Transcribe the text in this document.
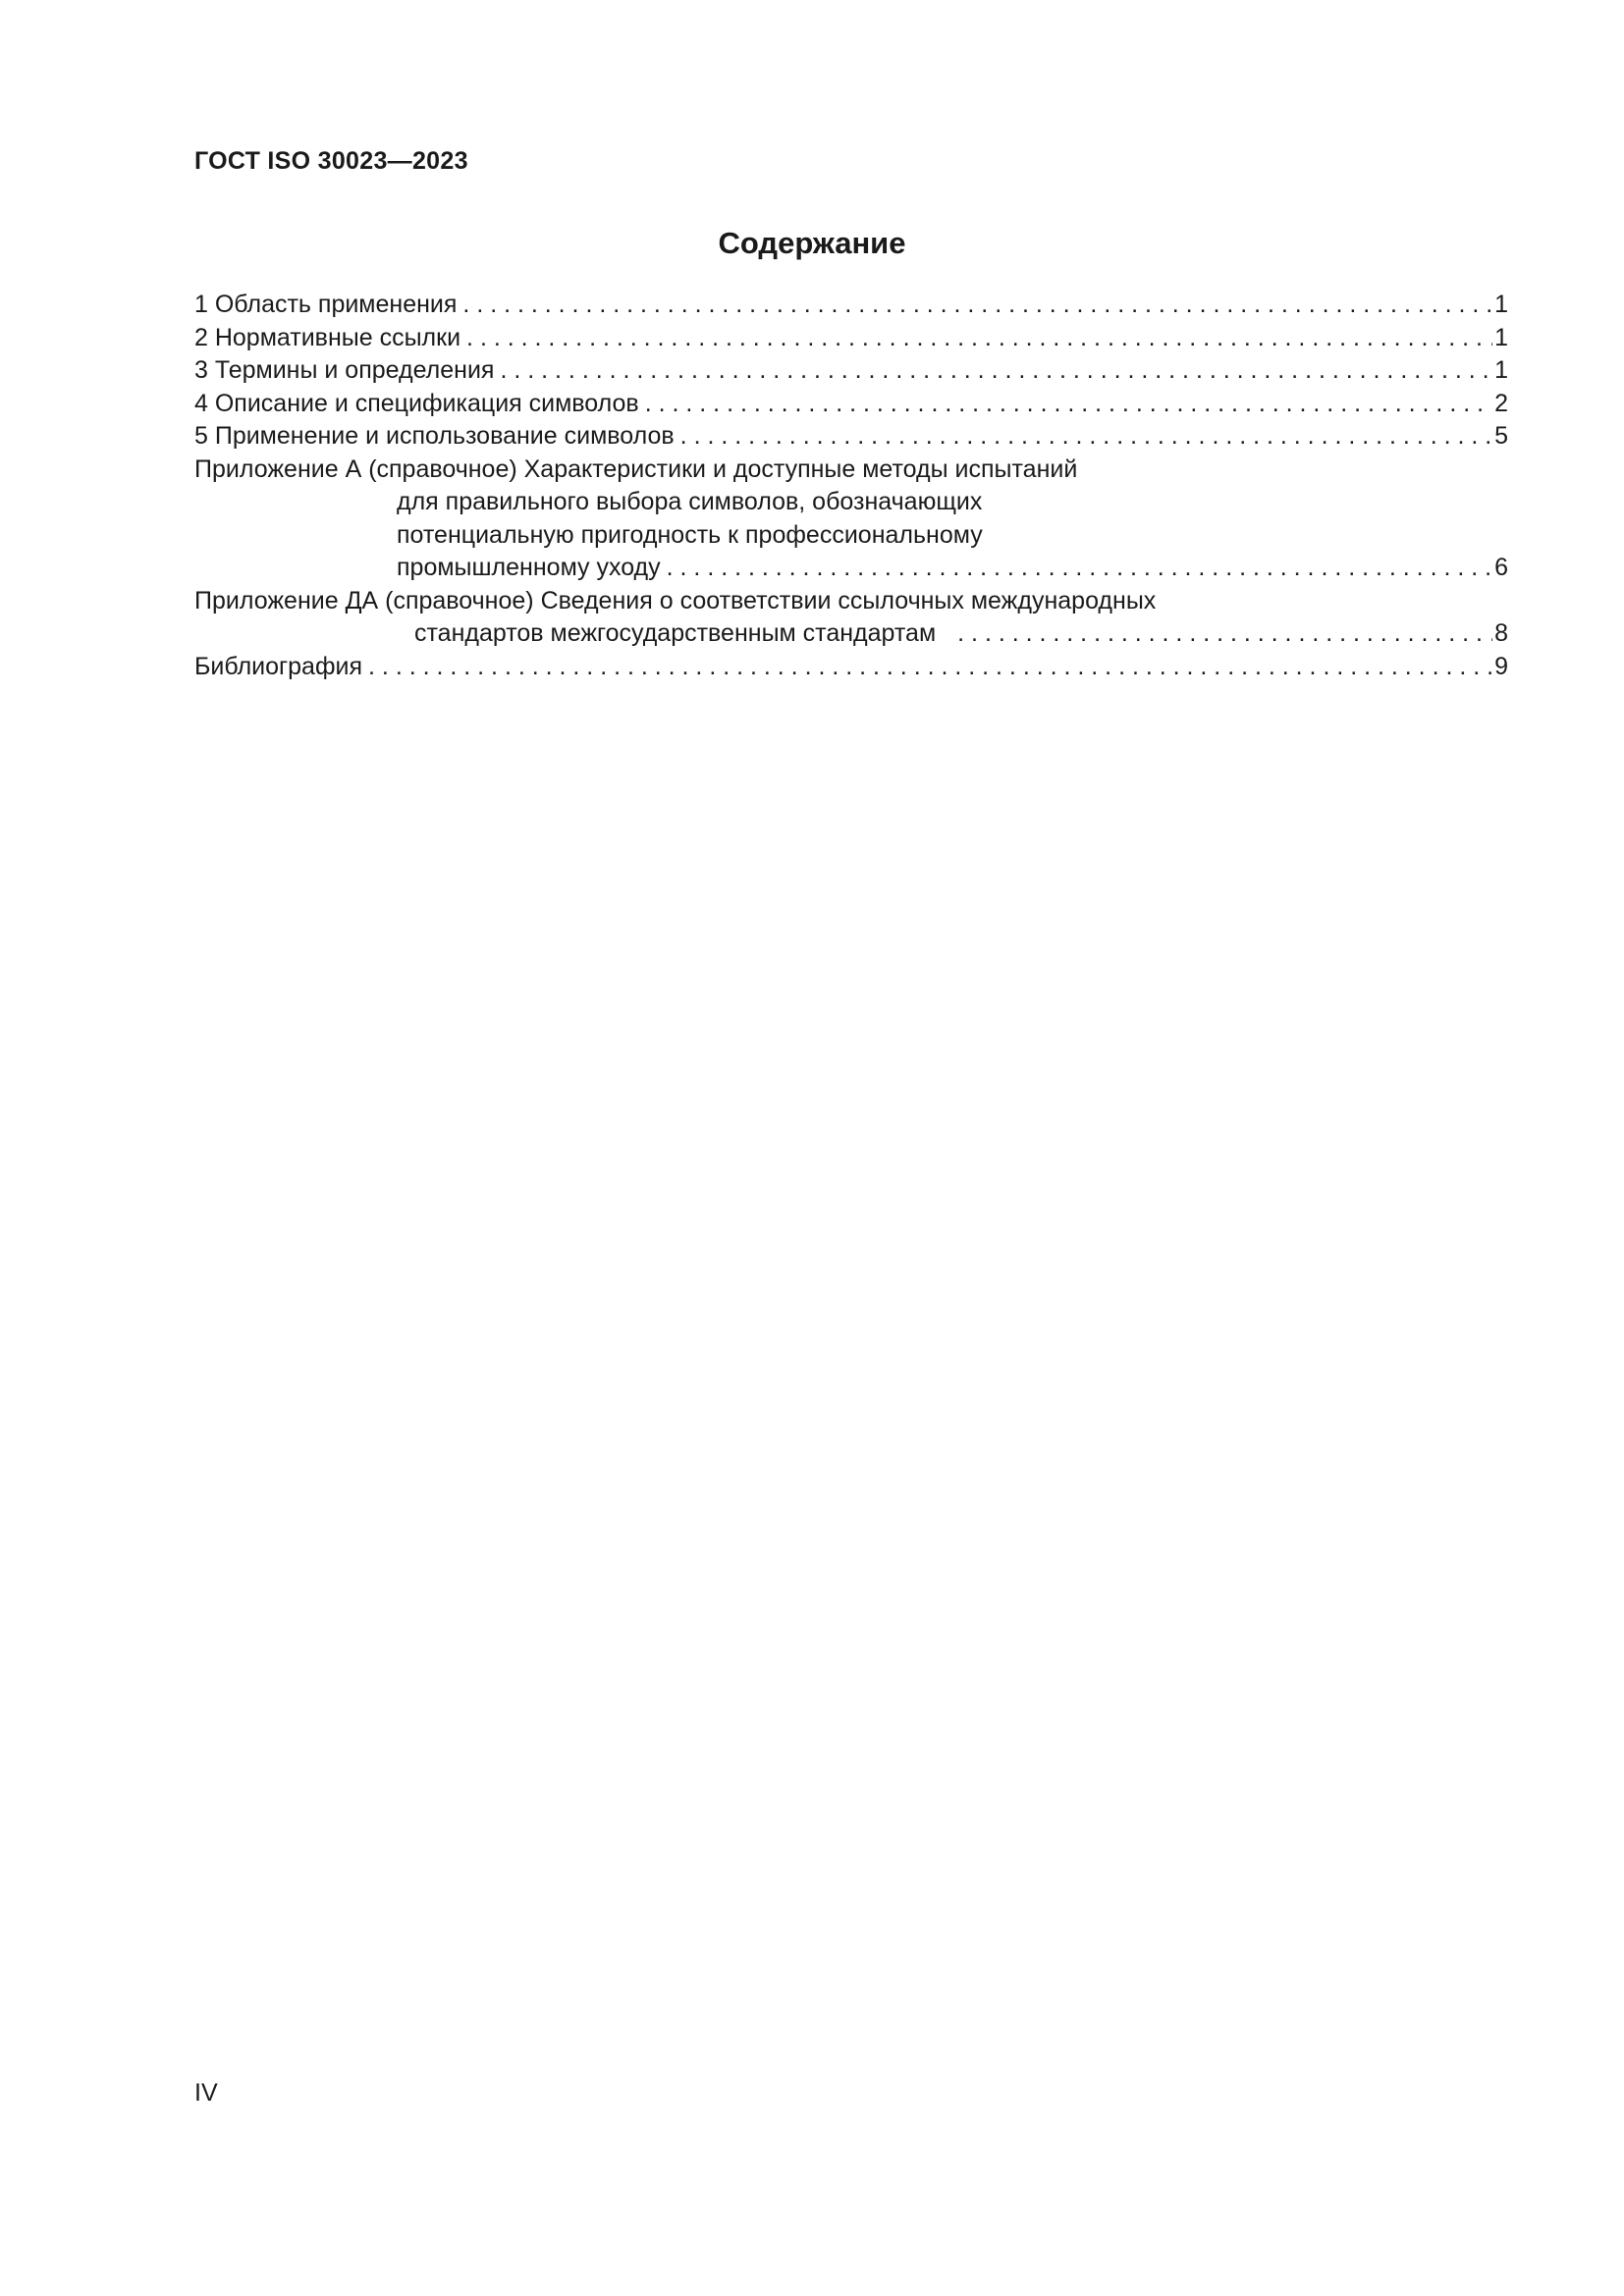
ГОСТ ISO 30023—2023
Содержание
1 Область применения . . .	1
2 Нормативные ссылки . . .	1
3 Термины и определения . . .	1
4 Описание и спецификация символов . . .	2
5 Применение и использование символов . . .	5
Приложение А (справочное) Характеристики и доступные методы испытаний
для правильного выбора символов, обозначающих
потенциальную пригодность к профессиональному
промышленному уходу . . .	6
Приложение ДА (справочное) Сведения о соответствии ссылочных международных
стандартов межгосударственным стандартам . . .	8
Библиография . . .	9
IV
